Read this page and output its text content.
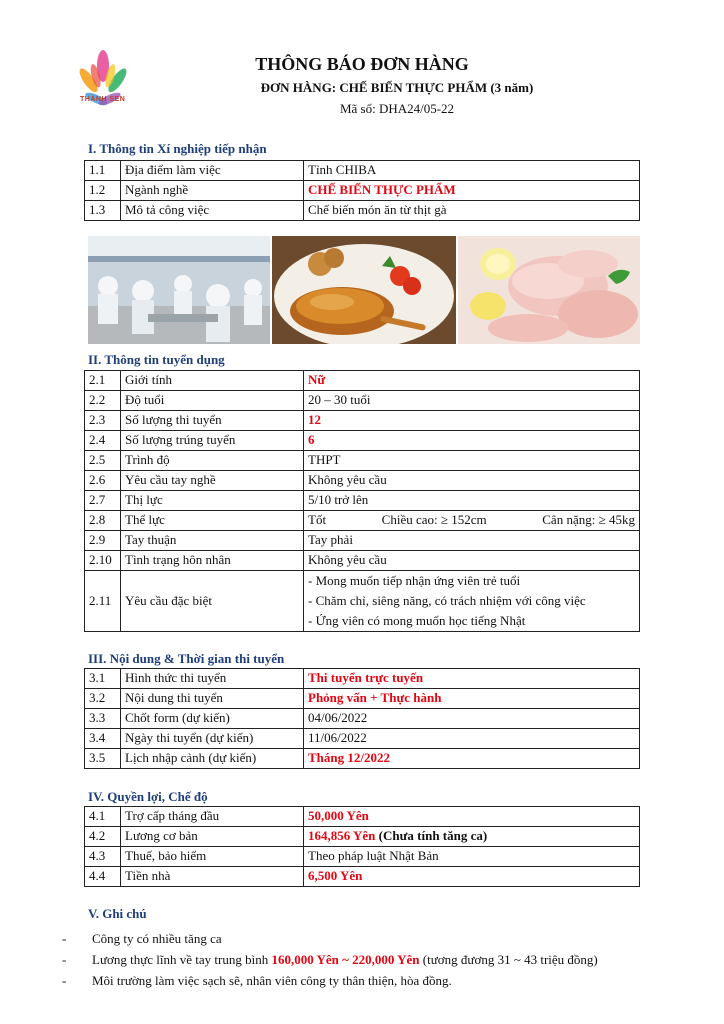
THÀNH SEN
THÔNG BÁO ĐƠN HÀNG
ĐƠN HÀNG: CHẾ BIẾN THỰC PHẨM (3 năm)
Mã số: DHA24/05-22
I. Thông tin Xí nghiệp tiếp nhận
1.1	Địa điểm làm việc	Tỉnh CHIBA
1.2	Ngành nghề	CHẾ BIẾN THỰC PHẨM
1.3	Mô tả công việc	Chế biến món ăn từ thịt gà
II. Thông tin tuyển dụng
2.1	Giới tính	Nữ
2.2	Độ tuổi	20 – 30 tuổi
2.3	Số lượng thi tuyển	12
2.4	Số lượng trúng tuyển	6
2.5	Trình độ	THPT
2.6	Yêu cầu tay nghề	Không yêu cầu
2.7	Thị lực	5/10 trở lên
2.8	Thể lực	Tốt Chiều cao: ≥ 152cm Cân nặng: ≥ 45kg

2.9	Tay thuận	Tay phải
2.10	Tình trạng hôn nhân	Không yêu cầu
2.11	Yêu cầu đặc biệt	- Mong muốn tiếp nhận ứng viên trẻ tuổi
- Chăm chỉ, siêng năng, có trách nhiệm với công việc
- Ứng viên có mong muốn học tiếng Nhật
III. Nội dung & Thời gian thi tuyển
3.1	Hình thức thi tuyển	Thi tuyển trực tuyến
3.2	Nội dung thi tuyển	Phỏng vấn + Thực hành
3.3	Chốt form (dự kiến)	04/06/2022
3.4	Ngày thi tuyển (dự kiến)	11/06/2022
3.5	Lịch nhập cảnh (dự kiến)	Tháng 12/2022
IV. Quyền lợi, Chế độ
4.1	Trợ cấp tháng đầu	50,000 Yên
4.2	Lương cơ bản	164,856 Yên (Chưa tính tăng ca)
4.3	Thuế, bảo hiểm	Theo pháp luật Nhật Bản
4.4	Tiền nhà	6,500 Yên
V. Ghi chú
- Công ty có nhiều tăng ca
- Lương thực lĩnh về tay trung bình 160,000 Yên ~ 220,000 Yên (tương đương 31 ~ 43 triệu đồng)
- Môi trường làm việc sạch sẽ, nhân viên công ty thân thiện, hòa đồng.
